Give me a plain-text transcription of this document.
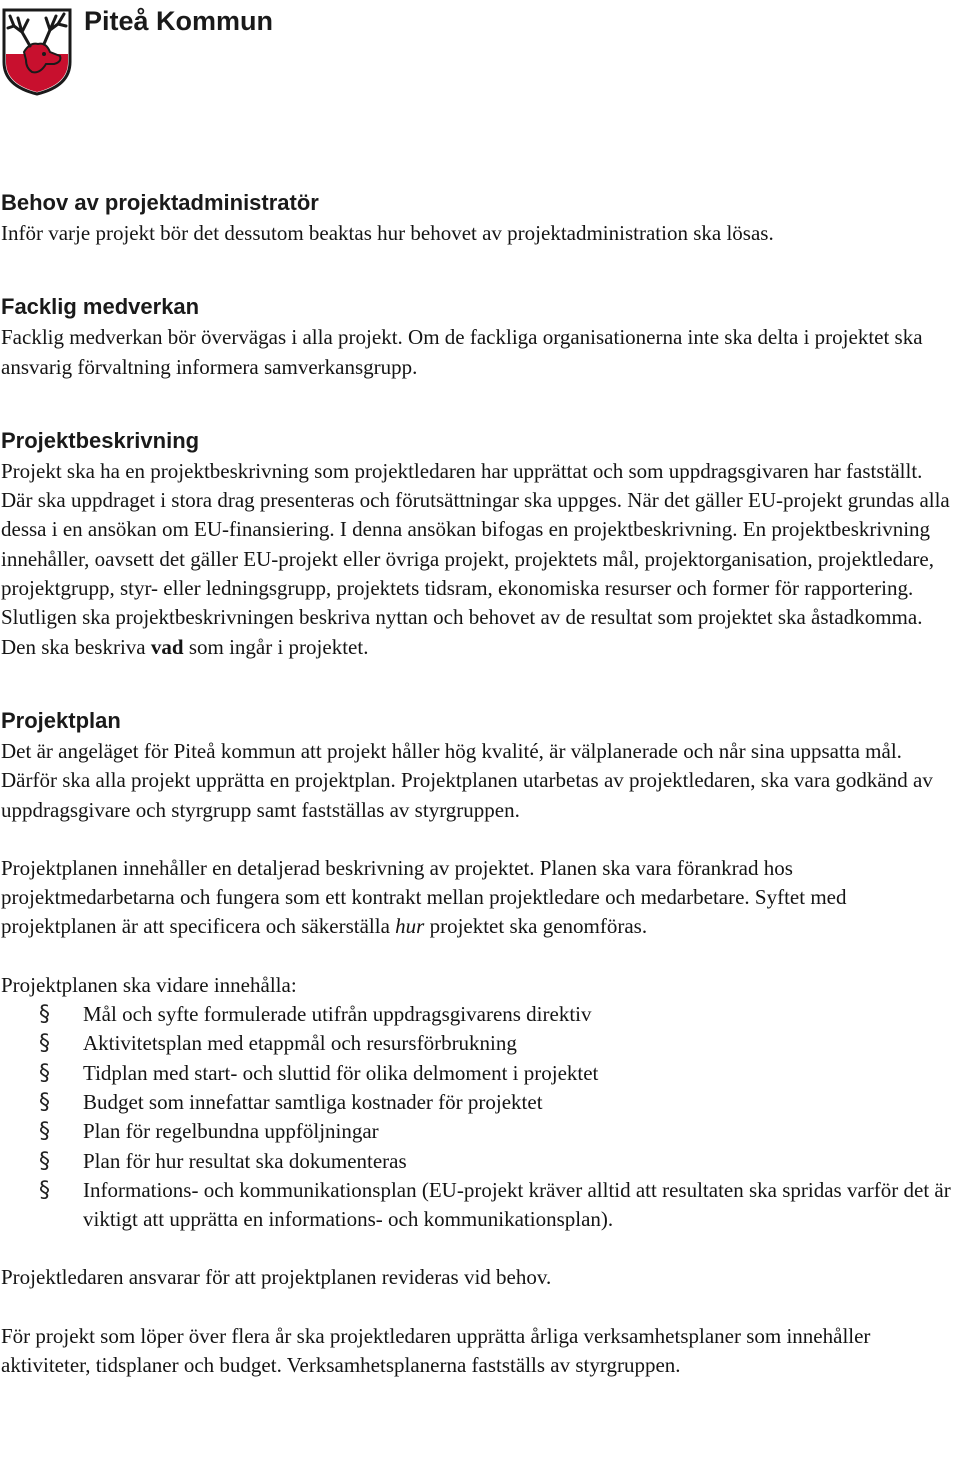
Piteå Kommun
Behov av projektadministratör

Inför varje projekt bör det dessutom beaktas hur behovet av projektadministration ska lösas.

Facklig medverkan

Facklig medverkan bör övervägas i alla projekt. Om de fackliga organisationerna inte ska delta i projektet ska ansvarig förvaltning informera samverkansgrupp.

Projektbeskrivning

Projekt ska ha en projektbeskrivning som projektledaren har upprättat och som uppdragsgivaren har fastställt. Där ska uppdraget i stora drag presenteras och förutsättningar ska uppges. När det gäller EU-projekt grundas alla dessa i en ansökan om EU-finansiering. I denna ansökan bifogas en projektbeskrivning. En projektbeskrivning innehåller, oavsett det gäller EU-projekt eller övriga projekt, projektets mål, projektorganisation, projektledare, projektgrupp, styr- eller ledningsgrupp, projektets tidsram, ekonomiska resurser och former för rapportering. Slutligen ska projektbeskrivningen beskriva nyttan och behovet av de resultat som projektet ska åstadkomma. Den ska beskriva vad som ingår i projektet.

Projektplan

Det är angeläget för Piteå kommun att projekt håller hög kvalité, är välplanerade och når sina uppsatta mål. Därför ska alla projekt upprätta en projektplan. Projektplanen utarbetas av projektledaren, ska vara godkänd av uppdragsgivare och styrgrupp samt fastställas av styrgruppen.

Projektplanen innehåller en detaljerad beskrivning av projektet. Planen ska vara förankrad hos projektmedarbetarna och fungera som ett kontrakt mellan projektledare och medarbetare. Syftet med projektplanen är att specificera och säkerställa hur projektet ska genomföras.

Projektplanen ska vidare innehålla:

§ Mål och syfte formulerade utifrån uppdragsgivarens direktiv
§ Aktivitetsplan med etappmål och resursförbrukning
§ Tidplan med start- och sluttid för olika delmoment i projektet
§ Budget som innefattar samtliga kostnader för projektet
§ Plan för regelbundna uppföljningar
§ Plan för hur resultat ska dokumenteras
§ Informations- och kommunikationsplan (EU-projekt kräver alltid att resultaten ska spridas varför det är viktigt att upprätta en informations- och kommunikationsplan).

Projektledaren ansvarar för att projektplanen revideras vid behov.

För projekt som löper över flera år ska projektledaren upprätta årliga verksamhetsplaner som innehåller aktiviteter, tidsplaner och budget. Verksamhetsplanerna fastställs av styrgruppen.
